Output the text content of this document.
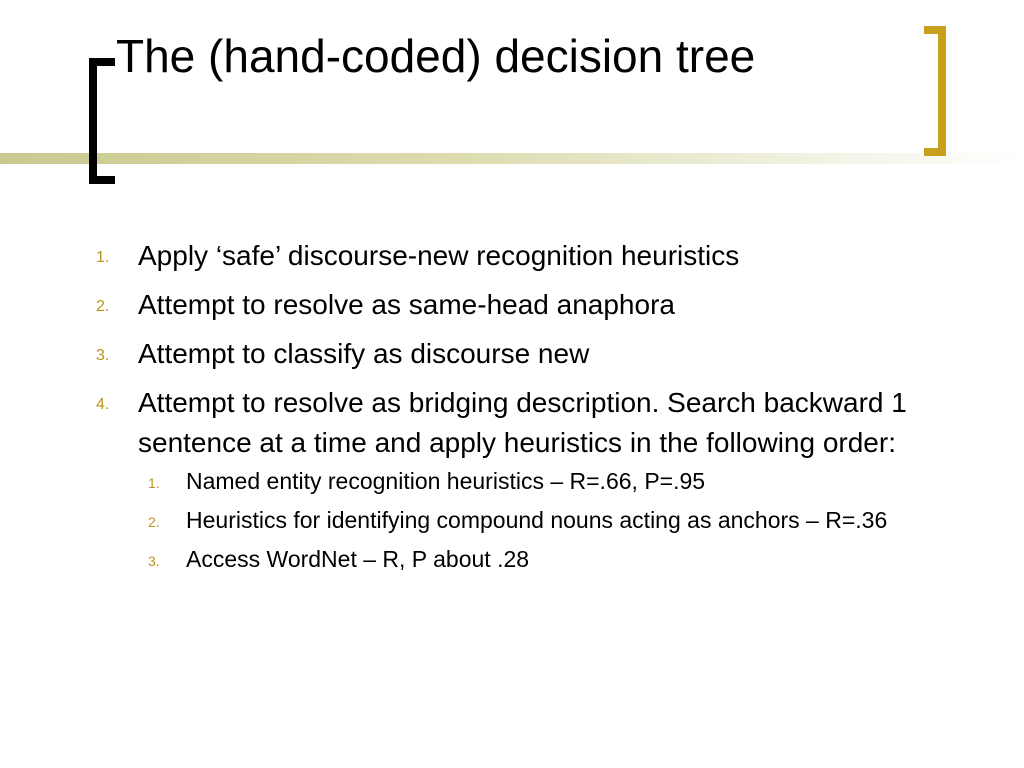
The (hand-coded) decision tree
1. Apply ‘safe’ discourse-new recognition heuristics
2. Attempt to resolve as same-head anaphora
3. Attempt to classify as discourse new
4. Attempt to resolve as bridging description. Search backward 1 sentence at a time and apply heuristics in the following order:
1. Named entity recognition heuristics – R=.66, P=.95
2. Heuristics for identifying compound nouns acting as anchors – R=.36
3. Access WordNet – R, P about .28
